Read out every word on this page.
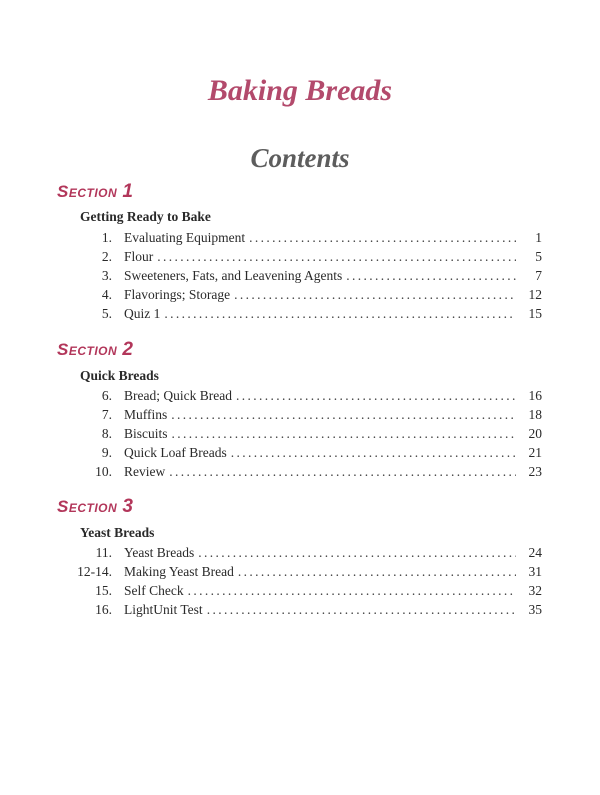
Baking Breads
Contents
Section 1
Getting Ready to Bake
1. Evaluating Equipment . . .	1
2. Flour . . .	5
3. Sweeteners, Fats, and Leavening Agents . . .	7
4. Flavorings; Storage . . .	12
5. Quiz 1 . . .	15
Section 2
Quick Breads
6. Bread; Quick Bread . . .	16
7. Muffins . . .	18
8. Biscuits . . .	20
9. Quick Loaf Breads . . .	21
10. Review . . .	23
Section 3
Yeast Breads
11. Yeast Breads . . .	24
12-14. Making Yeast Bread . . .	31
15. Self Check . . .	32
16. LightUnit Test . . .	35
